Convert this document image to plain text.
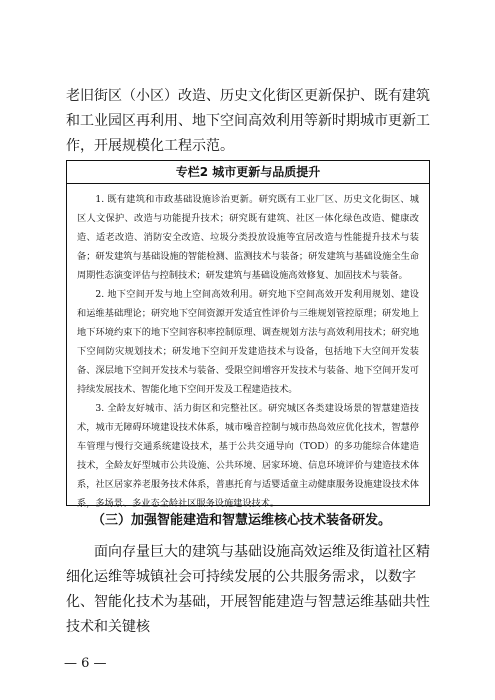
老旧街区（小区）改造、历史文化街区更新保护、既有建筑和工业园区再利用、地下空间高效利用等新时期城市更新工作，开展规模化工程示范。
专栏2 城市更新与品质提升

1. 既有建筑和市政基础设施诊治更新。研究既有工业厂区、历史文化街区、城区人文保护、改造与功能提升技术；研究既有建筑、社区一体化绿色改造、健康改造、适老改造、消防安全改造、垃圾分类投放设施等宜居改造与性能提升技术与装备；研发建筑与基础设施的智能检测、监测技术与装备；研发建筑与基础设施全生命周期性态演变评估与控制技术；研发建筑与基础设施高效修复、加固技术与装备。

2. 地下空间开发与地上空间高效利用。研究地下空间高效开发利用规划、建设和运维基础理论；研究地下空间资源开发适宜性评价与三维规划管控原理；研发地上地下环境约束下的地下空间容积率控制原理、调查规划方法与高效利用技术；研究地下空间防灾规划技术；研发地下空间开发建造技术与设备，包括地下大空间开发装备、深层地下空间开发技术与装备、受限空间增容开发技术与装备、地下空间开发可持续发展技术、智能化地下空间开发及工程建造技术。

3. 全龄友好城市、活力街区和完整社区。研究城区各类建设场景的智慧建造技术，城市无障碍环境建设技术体系，城市噪音控制与城市热岛效应优化技术，智慧停车管理与慢行交通系统建设技术，基于公共交通导向（TOD）的多功能综合体建造技术，全龄友好型城市公共设施、公共环境、居家环境、信息环境评价与建造技术体系，社区居家养老服务技术体系，普惠托育与适婴适童主动健康服务设施建设技术体系，多场景、多业态全龄社区服务设施建设技术。

（三）加强智能建造和智慧运维核心技术装备研发。
面向存量巨大的建筑与基础设施高效运维及街道社区精细化运维等城镇社会可持续发展的公共服务需求，以数字化、智能化技术为基础，开展智能建造与智慧运维基础共性技术和关键核
— 6 —
